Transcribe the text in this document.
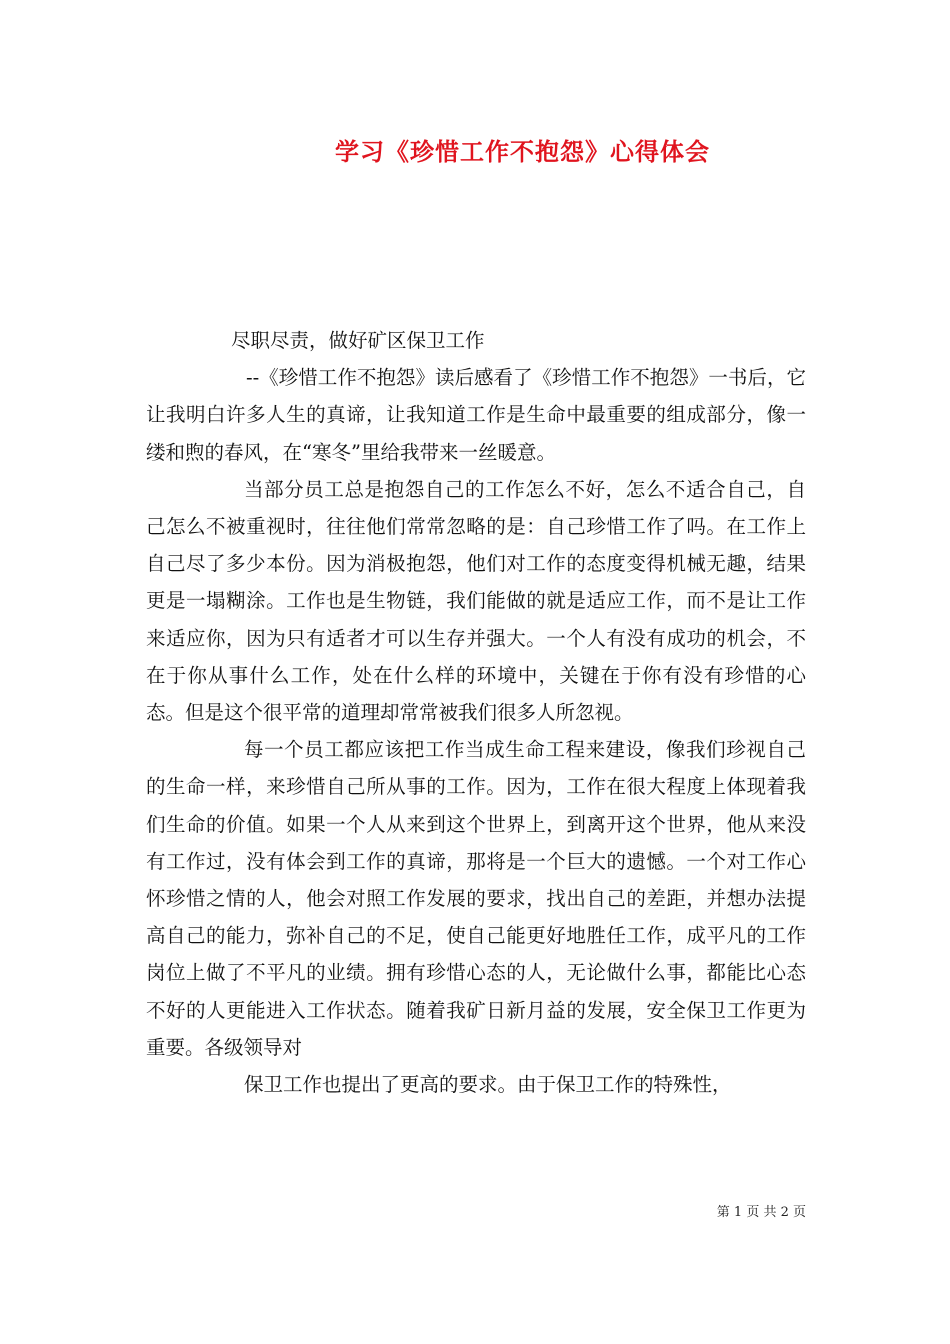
学习《珍惜工作不抱怨》心得体会

尽职尽责，做好矿区保卫工作

--《珍惜工作不抱怨》读后感看了《珍惜工作不抱怨》一书后，它让我明白许多人生的真谛，让我知道工作是生命中最重要的组成部分，像一缕和煦的春风，在“寒冬”里给我带来一丝暖意。

当部分员工总是抱怨自己的工作怎么不好，怎么不适合自己，自己怎么不被重视时，往往他们常常忽略的是：自己珍惜工作了吗。在工作上自己尽了多少本份。因为消极抱怨，他们对工作的态度变得机械无趣，结果更是一塌糊涂。工作也是生物链，我们能做的就是适应工作，而不是让工作来适应你，因为只有适者才可以生存并强大。一个人有没有成功的机会，不在于你从事什么工作，处在什么样的环境中，关键在于你有没有珍惜的心态。但是这个很平常的道理却常常被我们很多人所忽视。

每一个员工都应该把工作当成生命工程来建设，像我们珍视自己的生命一样，来珍惜自己所从事的工作。因为，工作在很大程度上体现着我们生命的价值。如果一个人从来到这个世界上，到离开这个世界，他从来没有工作过，没有体会到工作的真谛，那将是一个巨大的遗憾。一个对工作心怀珍惜之情的人，他会对照工作发展的要求，找出自己的差距，并想办法提高自己的能力，弥补自己的不足，使自己能更好地胜任工作，成平凡的工作岗位上做了不平凡的业绩。拥有珍惜心态的人，无论做什么事，都能比心态不好的人更能进入工作状态。随着我矿日新月益的发展，安全保卫工作更为重要。各级领导对

保卫工作也提出了更高的要求。由于保卫工作的特殊性，

第 1 页 共 2 页
